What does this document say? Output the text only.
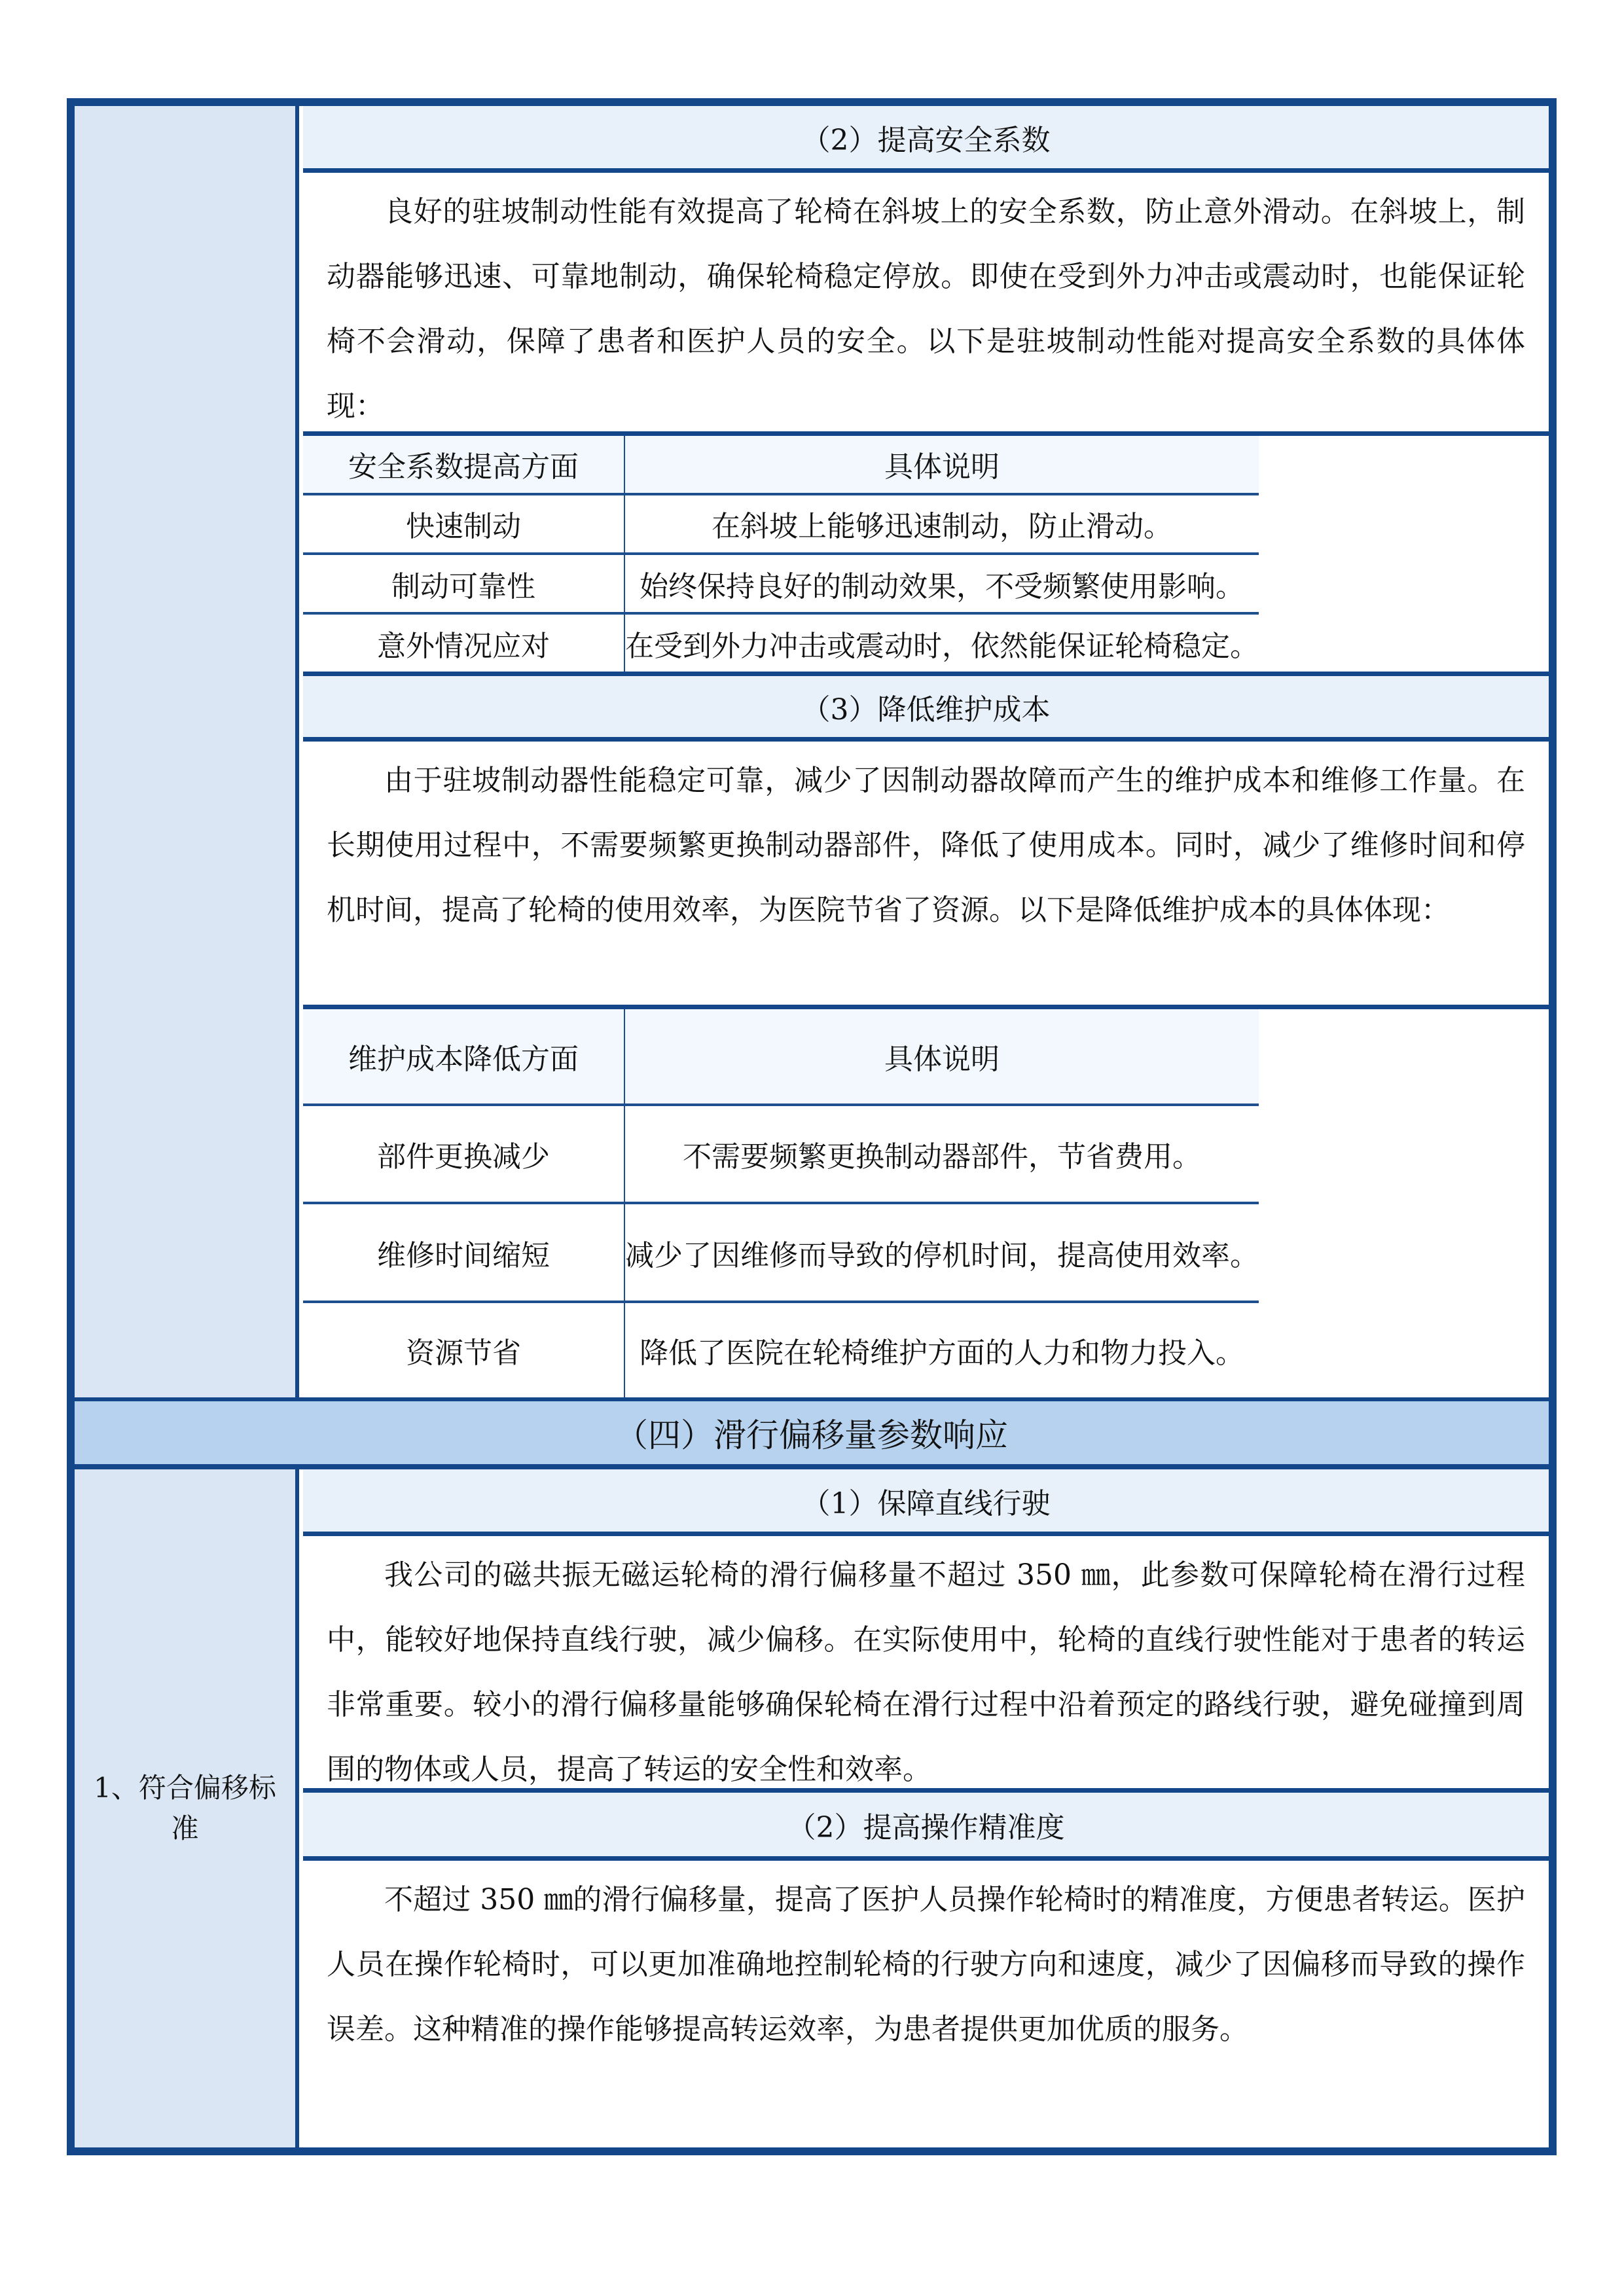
（2）提高安全系数
良好的驻坡制动性能有效提高了轮椅在斜坡上的安全系数，防止意外滑动。在斜坡上，制动器能够迅速、可靠地制动，确保轮椅稳定停放。即使在受到外力冲击或震动时，也能保证轮椅不会滑动，保障了患者和医护人员的安全。以下是驻坡制动性能对提高安全系数的具体体现：
安全系数提高方面	具体说明
快速制动	在斜坡上能够迅速制动，防止滑动。
制动可靠性	始终保持良好的制动效果，不受频繁使用影响。
意外情况应对	在受到外力冲击或震动时，依然能保证轮椅稳定。
（3）降低维护成本
由于驻坡制动器性能稳定可靠，减少了因制动器故障而产生的维护成本和维修工作量。在长期使用过程中，不需要频繁更换制动器部件，降低了使用成本。同时，减少了维修时间和停机时间，提高了轮椅的使用效率，为医院节省了资源。以下是降低维护成本的具体体现：
维护成本降低方面	具体说明
部件更换减少	不需要频繁更换制动器部件，节省费用。
维修时间缩短	减少了因维修而导致的停机时间，提高使用效率。
资源节省	降低了医院在轮椅维护方面的人力和物力投入。
（四）滑行偏移量参数响应
1、符合偏移标准
（1）保障直线行驶
我公司的磁共振无磁运轮椅的滑行偏移量不超过 350 ㎜，此参数可保障轮椅在滑行过程中，能较好地保持直线行驶，减少偏移。在实际使用中，轮椅的直线行驶性能对于患者的转运非常重要。较小的滑行偏移量能够确保轮椅在滑行过程中沿着预定的路线行驶，避免碰撞到周围的物体或人员，提高了转运的安全性和效率。
（2）提高操作精准度
不超过 350 ㎜的滑行偏移量，提高了医护人员操作轮椅时的精准度，方便患者转运。医护人员在操作轮椅时，可以更加准确地控制轮椅的行驶方向和速度，减少了因偏移而导致的操作误差。这种精准的操作能够提高转运效率，为患者提供更加优质的服务。
